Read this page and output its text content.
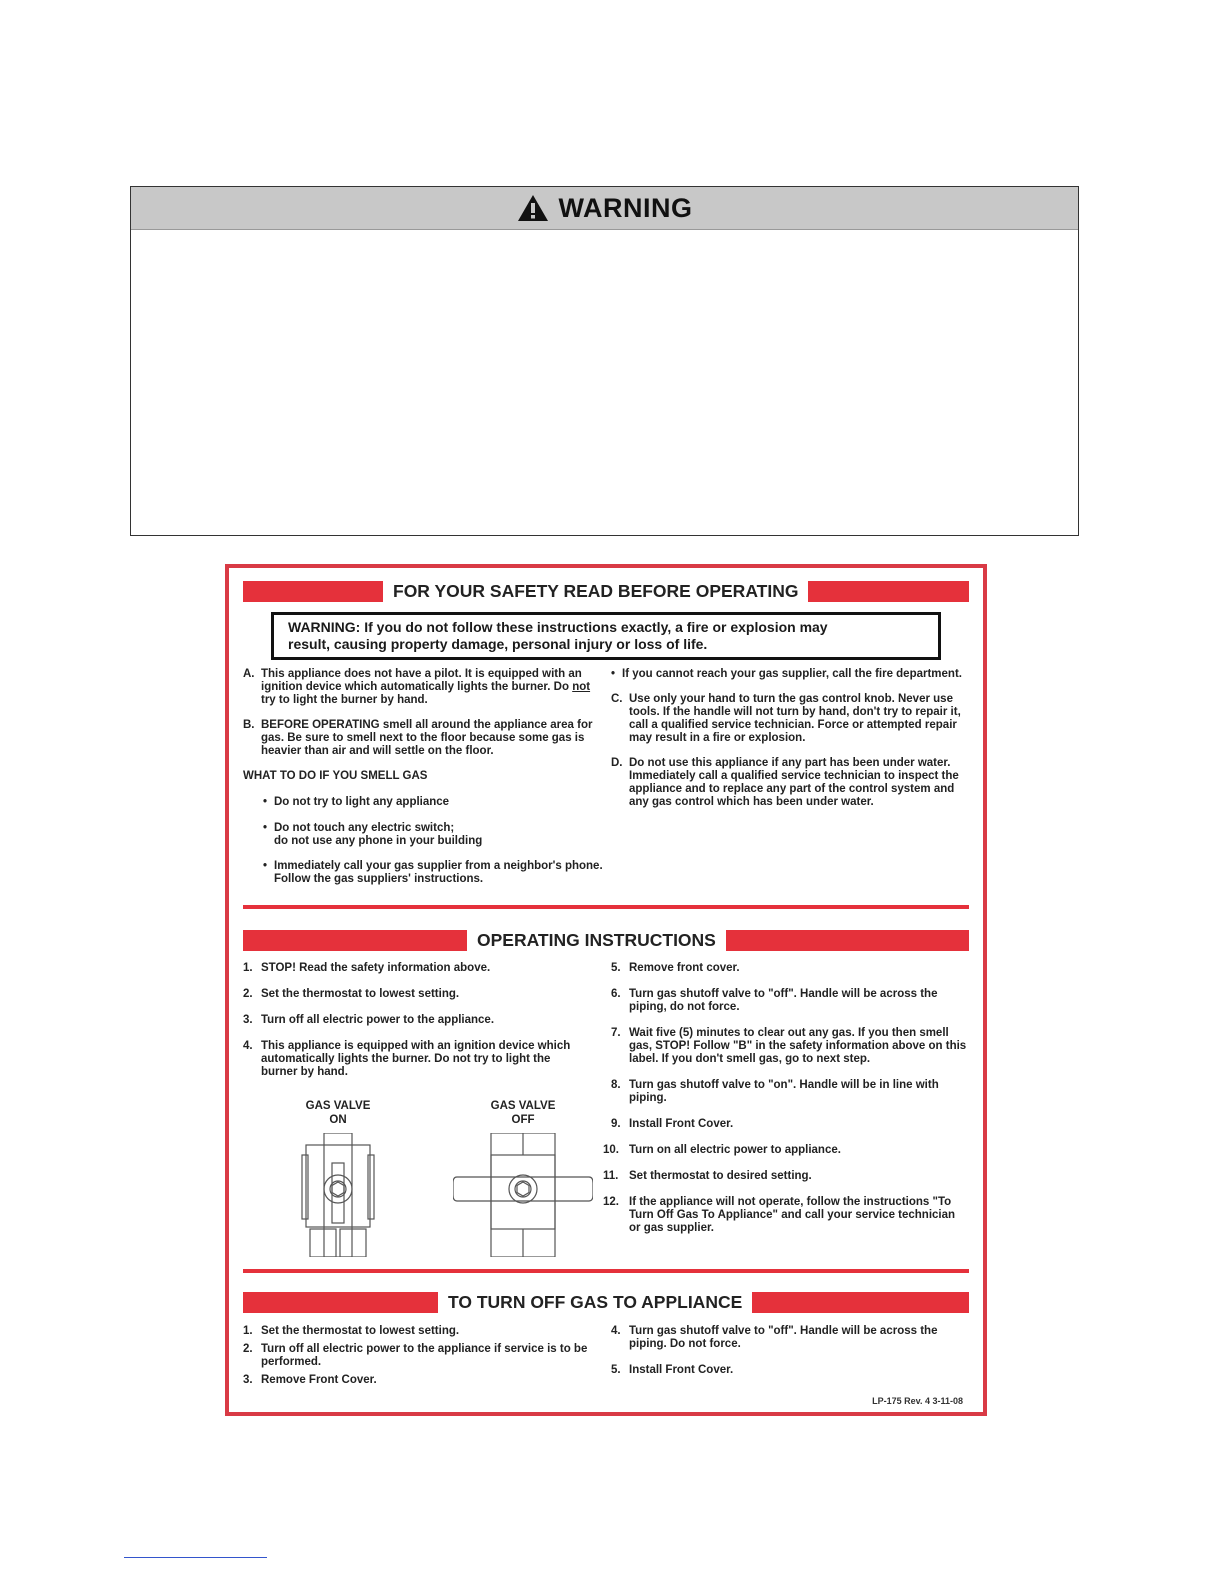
WARNING
FOR YOUR SAFETY READ BEFORE OPERATING
WARNING: If you do not follow these instructions exactly, a fire or explosion may
result, causing property damage, personal injury or loss of life.
A. This appliance does not have a pilot. It is equipped with an ignition device which automatically lights the burner. Do not try to light the burner by hand.
B. BEFORE OPERATING smell all around the appliance area for gas. Be sure to smell next to the floor because some gas is heavier than air and will settle on the floor.
WHAT TO DO IF YOU SMELL GAS
• Do not try to light any appliance
• Do not touch any electric switch;
do not use any phone in your building
• Immediately call your gas supplier from a neighbor's phone. Follow the gas suppliers' instructions.
• If you cannot reach your gas supplier, call the fire department.
C. Use only your hand to turn the gas control knob. Never use tools. If the handle will not turn by hand, don't try to repair it, call a qualified service technician. Force or attempted repair may result in a fire or explosion.
D. Do not use this appliance if any part has been under water. Immediately call a qualified service technician to inspect the appliance and to replace any part of the control system and any gas control which has been under water.
OPERATING INSTRUCTIONS
1. STOP! Read the safety information above.
2. Set the thermostat to lowest setting.
3. Turn off all electric power to the appliance.
4. This appliance is equipped with an ignition device which automatically lights the burner. Do not try to light the burner by hand.
GAS VALVE
ON
GAS VALVE
OFF
5. Remove front cover.
6. Turn gas shutoff valve to "off". Handle will be across the piping, do not force.
7. Wait five (5) minutes to clear out any gas. If you then smell gas, STOP! Follow "B" in the safety information above on this label. If you don't smell gas, go to next step.
8. Turn gas shutoff valve to "on". Handle will be in line with piping.
9. Install Front Cover.
10. Turn on all electric power to appliance.
11. Set thermostat to desired setting.
12. If the appliance will not operate, follow the instructions "To Turn Off Gas To Appliance" and call your service technician or gas supplier.
TO TURN OFF GAS TO APPLIANCE
1. Set the thermostat to lowest setting.
2. Turn off all electric power to the appliance if service is to be performed.
3. Remove Front Cover.
4. Turn gas shutoff valve to "off". Handle will be across the piping. Do not force.
5. Install Front Cover.
LP-175 Rev. 4 3-11-08
